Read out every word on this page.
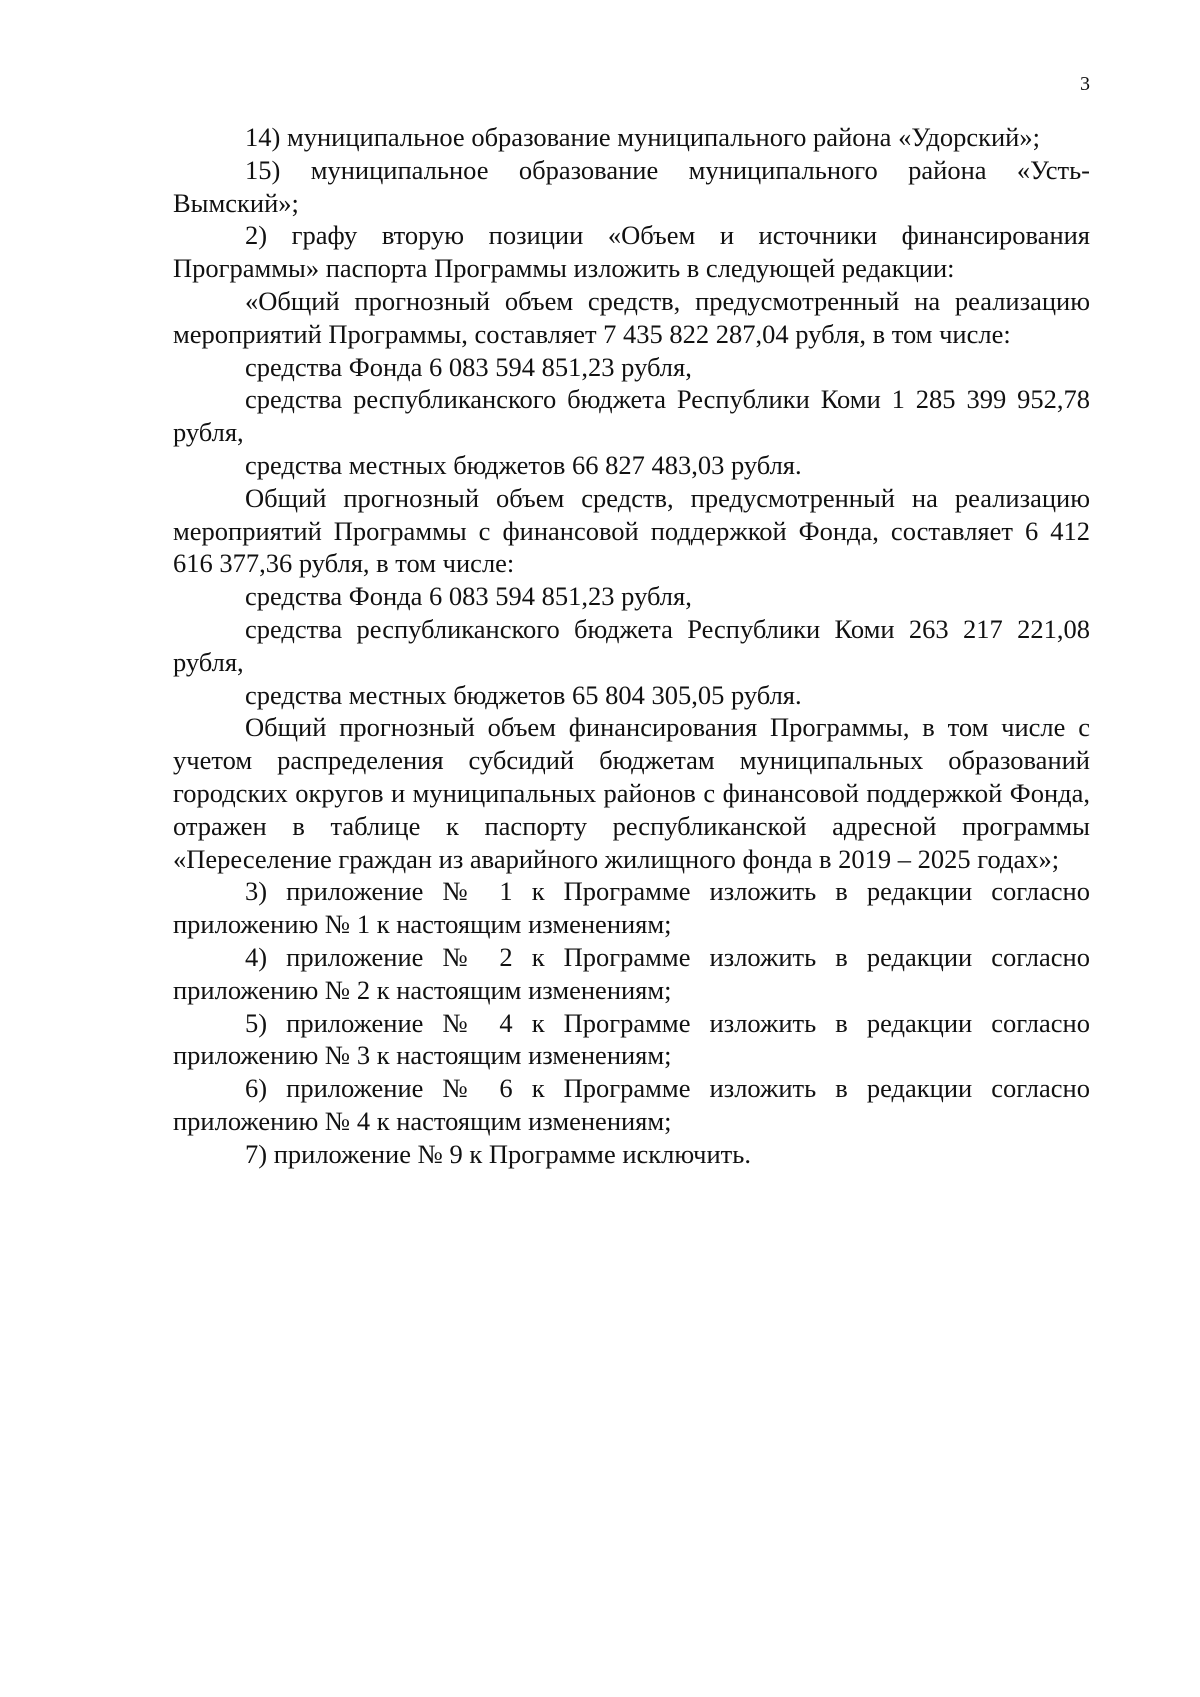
3

14) муниципальное образование муниципального района «Удорский»;

15) муниципальное образование муниципального района «Усть-Вымский»;

2) графу вторую позиции «Объем и источники финансирования Программы» паспорта Программы изложить в следующей редакции:

«Общий прогнозный объем средств, предусмотренный на реализацию мероприятий Программы, составляет 7 435 822 287,04 рубля, в том числе:

средства Фонда 6 083 594 851,23 рубля,

средства республиканского бюджета Республики Коми 1 285 399 952,78 рубля,

средства местных бюджетов 66 827 483,03 рубля.

Общий прогнозный объем средств, предусмотренный на реализацию мероприятий Программы с финансовой поддержкой Фонда, составляет 6 412 616 377,36 рубля, в том числе:

средства Фонда 6 083 594 851,23 рубля,

средства республиканского бюджета Республики Коми 263 217 221,08 рубля,

средства местных бюджетов 65 804 305,05 рубля.

Общий прогнозный объем финансирования Программы, в том числе с учетом распределения субсидий бюджетам муниципальных образований городских округов и муниципальных районов с финансовой поддержкой Фонда, отражен в таблице к паспорту республиканской адресной программы «Переселение граждан из аварийного жилищного фонда в 2019 – 2025 годах»;

3) приложение № 1 к Программе изложить в редакции согласно приложению № 1 к настоящим изменениям;

4) приложение № 2 к Программе изложить в редакции согласно приложению № 2 к настоящим изменениям;

5) приложение № 4 к Программе изложить в редакции согласно приложению № 3 к настоящим изменениям;

6) приложение № 6 к Программе изложить в редакции согласно приложению № 4 к настоящим изменениям;

7) приложение № 9 к Программе исключить.
